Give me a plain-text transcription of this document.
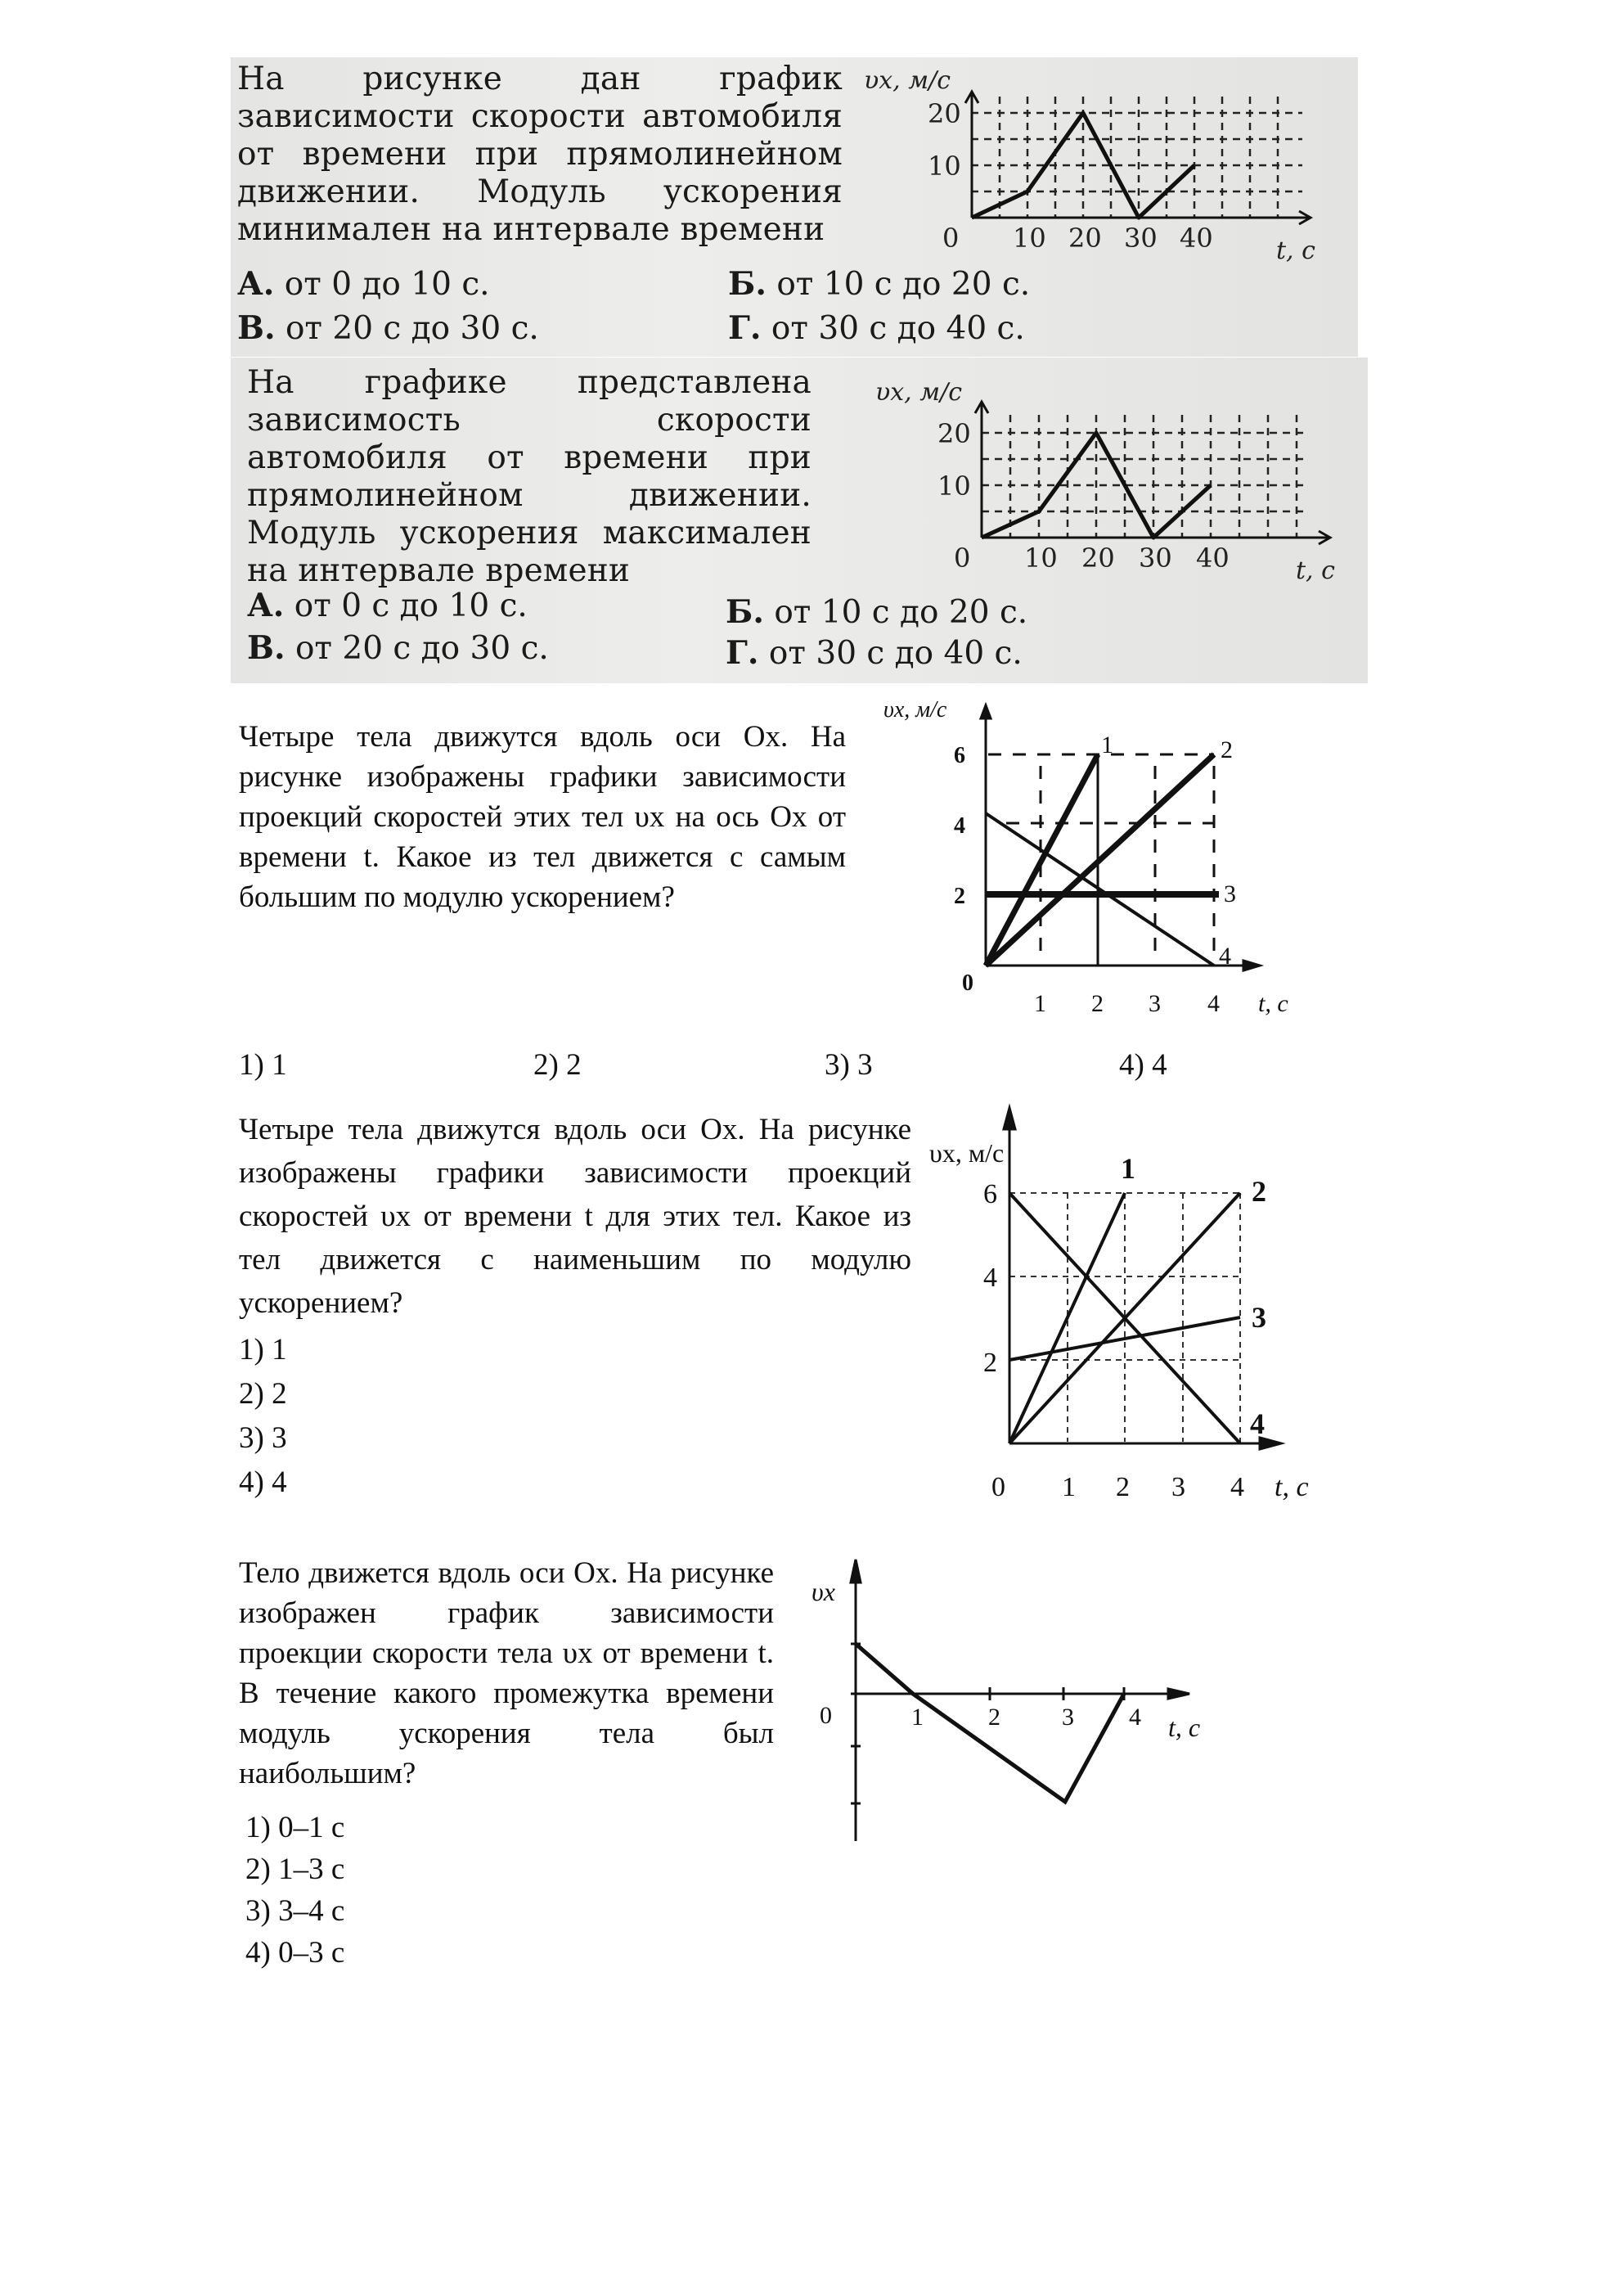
На рисунке дан график зависимости скорости автомобиля от времени при прямолинейном движении. Модуль ускорения минимален на интервале времени
А. от 0 до 10 с.	Б. от 10 с до 20 с.
В. от 20 с до 30 с.	Г. от 30 с до 40 с.
υx, м/с
20
10
0 10 20 30 40	t, с
На графике представлена зависимость скорости автомобиля от времени при прямолинейном движении. Модуль ускорения максимален на интервале времени
А. от 0 с до 10 с.	Б. от 10 с до 20 с.
В. от 20 с до 30 с.	Г. от 30 с до 40 с.
υx, м/с
20
10
0 10 20 30 40	t, с
Четыре тела движутся вдоль оси Ox. На рисунке изображены графики зависимости проекций скоростей этих тел υx на ось Ox от времени t. Какое из тел движется с самым большим по модулю ускорением?
1) 1	2) 2	3) 3	4) 4
υx, м/с
6
4
2
0
1 2 3 4 t, с
1	2
3
4
Четыре тела движутся вдоль оси Ox. На рисунке изображены графики зависимости проекций скоростей υx от времени t для этих тел. Какое из тел движется с наименьшим по модулю ускорением?
1) 1
2) 2
3) 3
4) 4
υx, м/с
6
4
2
0 1 2 3 4 t, с
1
2
3
4
Тело движется вдоль оси Ox. На рисунке изображен график зависимости проекции скорости тела υx от времени t. В течение какого промежутка времени модуль ускорения тела был наибольшим?
1) 0–1 с
2) 1–3 с
3) 3–4 с
4) 0–3 с
υx
0	1	2	3 4 t, с
